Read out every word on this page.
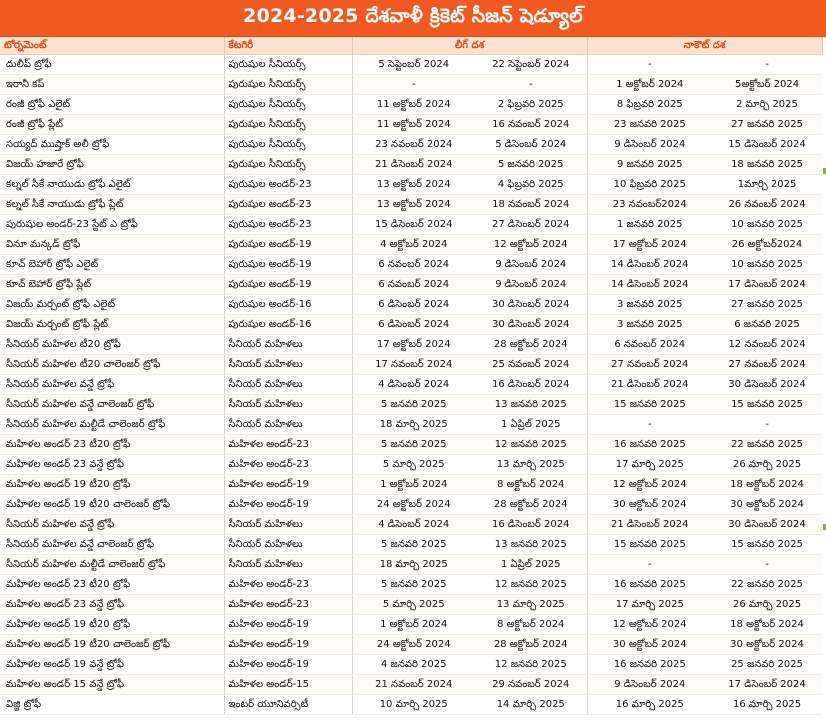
2024-2025 దేశవాళీ క్రికెట్ సీజన్ షెడ్యూల్
టోర్నమెంట్	కేటగిరీ	లీగ్ దశ		నాకౌట్ దశ	
దులీప్ ట్రోఫీ	పురుషుల సీనియర్స్	5 సెప్టెంబర్ 2024	22 సెప్టెంబర్ 2024	-	-
ఇరానీ కప్	పురుషుల సీనియర్స్	-	-	1 అక్టోబర్ 2024	5అక్టోబర్ 2024
రంజీ ట్రోఫీ ఎలైట్	పురుషుల సీనియర్స్	11 అక్టోబర్ 2024	2 ఫిబ్రవరి 2025	8 ఫిబ్రవరి 2025	2 మార్చి 2025
రంజీ ట్రోఫీ ప్లేట్	పురుషుల సీనియర్స్	11 అక్టోబర్ 2024	16 నవంబర్ 2024	23 జనవరి 2025	27 జనవరి 2025
సయ్యద్ ముష్తాక్ అలీ ట్రోఫీ	పురుషుల సీనియర్స్	23 నవంబర్ 2024	5 డిసెంబర్ 2024	9 డిసెంబర్ 2024	15 డిసెంబర్ 2024
విజయ్ హజారే ట్రోఫీ	పురుషుల సీనియర్స్	21 డిసెంబర్ 2024	5 జనవరి 2025	9 జనవరి 2025	18 జనవరి 2025
కల్నల్ సీకే నాయుడు ట్రోఫీ ఎలైట్	పురుషుల అండర్-23	13 అక్టోబర్ 2024	4 ఫిబ్రవరి 2025	10 ఫిబ్రవరి 2025	1మార్చి 2025
కల్నల్ సీకే నాయుడు ట్రోఫీ ప్లేట్	పురుషుల అండర్-23	13 అక్టోబర్ 2024	18 నవంబర్ 2024	23 నవంబర్2024	26 నవంబర్ 2024
పురుషుల అండర్-23 స్టేట్ ఎ ట్రోఫీ	పురుషుల అండర్-23	15 డిసెంబర్ 2024	27 డిసెంబర్ 2024	1 జనవరి 2025	10 జనవరి 2025
వినూ మన్కడ్ ట్రోఫీ	పురుషుల అండర్-19	4 అక్టోబర్ 2024	12 అక్టోబర్ 2024	17 అక్టోబర్ 2024	26 అక్టోబర్2024
కూచ్ బెహార్ ట్రోఫీ ఎలైట్	పురుషుల అండర్-19	6 నవంబర్ 2024	9 డిసెంబర్ 2024	14 డిసెంబర్ 2024	10 జనవరి 2025
కూచ్ బెహార్ ట్రోఫీ ప్లేట్	పురుషుల అండర్-19	6 నవంబర్ 2024	9 డిసెంబర్ 2024	14 డిసెంబర్ 2024	17 డిసెంబర్ 2024
విజయ్ మర్చంట్ ట్రోఫీ ఎలైట్	పురుషుల అండర్-16	6 డిసెంబర్ 2024	30 డిసెంబర్ 2024	3 జనవరి 2025	27 జనవరి 2025
విజయ్ మర్చంట్ ట్రోఫీ ప్లేట్	పురుషుల అండర్-16	6 డిసెంబర్ 2024	30 డిసెంబర్ 2024	3 జనవరి 2025	6 జనవరి 2025
సీనియర్ మహిళల టీ20 ట్రోఫీ	సీనియర్ మహిళలు	17 అక్టోబర్ 2024	28 అక్టోబర్ 2024	6 నవంబర్ 2024	12 నవంబర్ 2024
సీనియర్ మహిళల టీ20 చాలెంజర్ ట్రోఫీ	సీనియర్ మహిళలు	17 నవంబర్ 2024	25 నవంబర్ 2024	27 నవంబర్ 2024	27 నవంబర్ 2024
సీనియర్ మహిళల వన్డే ట్రోఫీ	సీనియర్ మహిళలు	4 డిసెంబర్ 2024	16 డిసెంబర్ 2024	21 డిసెంబర్ 2024	30 డిసెంబర్ 2024
సీనియర్ మహిళల వన్డే చాలెంజర్ ట్రోఫీ	సీనియర్ మహిళలు	5 జనవరి 2025	13 జనవరి 2025	15 జనవరి 2025	15 జనవరి 2025
సీనియర్ మహిళల మల్టీడే చాలెంజర్ ట్రోఫీ	సీనియర్ మహిళలు	18 మార్చి 2025	1 ఏప్రిల్ 2025	-	-
మహిళల అండర్ 23 టీ20 ట్రోఫీ	మహిళల అండర్-23	5 జనవరి 2025	12 జనవరి 2025	16 జనవరి 2025	22 జనవరి 2025
మహిళల అండర్ 23 వన్డే ట్రోఫీ	మహిళల అండర్-23	5 మార్చి 2025	13 మార్చి 2025	17 మార్చి 2025	26 మార్చి 2025
మహిళల అండర్ 19 టీ20 ట్రోఫీ	మహిళల అండర్-19	1 అక్టోబర్ 2024	8 అక్టోబర్ 2024	12 అక్టోబర్ 2024	18 అక్టోబర్ 2024
మహిళల అండర్ 19 టీ20 చాలెంజర్ ట్రోఫీ	మహిళల అండర్-19	24 అక్టోబర్ 2024	28 అక్టోబర్ 2024	30 అక్టోబర్ 2024	30 అక్టోబర్ 2024
సీనియర్ మహిళల వన్డే ట్రోఫీ	సీనియర్ మహిళలు	4 డిసెంబర్ 2024	16 డిసెంబర్ 2024	21 డిసెంబర్ 2024	30 డిసెంబర్ 2024
సీనియర్ మహిళల వన్డే చాలెంజర్ ట్రోఫీ	సీనియర్ మహిళలు	5 జనవరి 2025	13 జనవరి 2025	15 జనవరి 2025	15 జనవరి 2025
సీనియర్ మహిళల మల్టీడే చాలెంజర్ ట్రోఫీ	సీనియర్ మహిళలు	18 మార్చి 2025	1 ఏప్రిల్ 2025	-	-
మహిళల అండర్ 23 టీ20 ట్రోఫీ	మహిళల అండర్-23	5 జనవరి 2025	12 జనవరి 2025	16 జనవరి 2025	22 జనవరి 2025
మహిళల అండర్ 23 వన్డే ట్రోఫీ	మహిళల అండర్-23	5 మార్చి 2025	13 మార్చి 2025	17 మార్చి 2025	26 మార్చి 2025
మహిళల అండర్ 19 టీ20 ట్రోఫీ	మహిళల అండర్-19	1 అక్టోబర్ 2024	8 అక్టోబర్ 2024	12 అక్టోబర్ 2024	18 అక్టోబర్ 2024
మహిళల అండర్ 19 టీ20 చాలెంజర్ ట్రోఫీ	మహిళల అండర్-19	24 అక్టోబర్ 2024	28 అక్టోబర్ 2024	30 అక్టోబర్ 2024	30 అక్టోబర్ 2024
మహిళల అండర్ 19 వన్డే ట్రోఫీ	మహిళల అండర్-19	4 జనవరి 2025	12 జనవరి 2025	16 జనవరి 2025	25 జనవరి 2025
మహిళల అండర్ 15 వన్డే ట్రోఫీ	మహిళల అండర్-15	21 నవంబర్ 2024	29 నవంబర్ 2024	9 డిసెంబర్ 2024	17 డిసెంబర్ 2024
విజ్జి ట్రోఫీ	ఇంటర్ యూనివర్సిటీ	10 మార్చి 2025	14 మార్చి 2025	16 మార్చి 2025	16 మార్చి 2025
